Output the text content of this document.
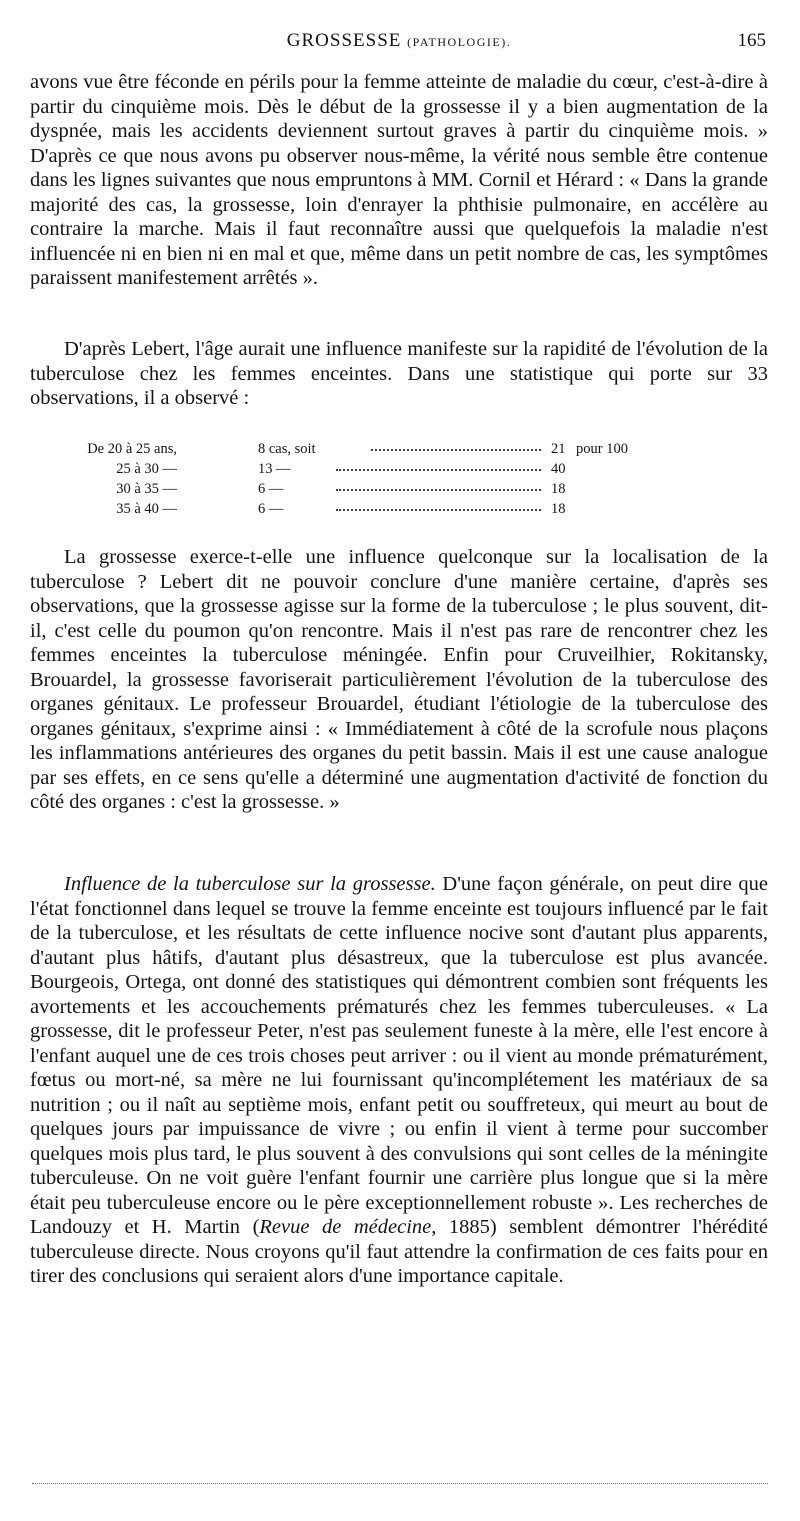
GROSSESSE (PATHOLOGIE).	165

avons vue être féconde en périls pour la femme atteinte de maladie du cœur, c'est-à-dire à partir du cinquième mois. Dès le début de la grossesse il y a bien augmentation de la dyspnée, mais les accidents deviennent surtout graves à partir du cinquième mois. » D'après ce que nous avons pu observer nous-même, la vérité nous semble être contenue dans les lignes suivantes que nous empruntons à MM. Cornil et Hérard : « Dans la grande majorité des cas, la grossesse, loin d'enrayer la phthisie pulmonaire, en accélère au contraire la marche. Mais il faut reconnaître aussi que quelquefois la maladie n'est influencée ni en bien ni en mal et que, même dans un petit nombre de cas, les symptômes paraissent manifestement arrêtés ».

D'après Lebert, l'âge aurait une influence manifeste sur la rapidité de l'évolution de la tuberculose chez les femmes enceintes. Dans une statistique qui porte sur 33 observations, il a observé :

De 20 à 25 ans,	8 cas, soit	21 pour 100
25 à 30 —	13 —	40
30 à 35 —	6 —	18
35 à 40 —	6 —	18

La grossesse exerce-t-elle une influence quelconque sur la localisation de la tuberculose ? Lebert dit ne pouvoir conclure d'une manière certaine, d'après ses observations, que la grossesse agisse sur la forme de la tuberculose ; le plus souvent, dit-il, c'est celle du poumon qu'on rencontre. Mais il n'est pas rare de rencontrer chez les femmes enceintes la tuberculose méningée. Enfin pour Cruveilhier, Rokitansky, Brouardel, la grossesse favoriserait particulièrement l'évolution de la tuberculose des organes génitaux. Le professeur Brouardel, étudiant l'étiologie de la tuberculose des organes génitaux, s'exprime ainsi : « Immédiatement à côté de la scrofule nous plaçons les inflammations antérieures des organes du petit bassin. Mais il est une cause analogue par ses effets, en ce sens qu'elle a déterminé une augmentation d'activité de fonction du côté des organes : c'est la grossesse. »

Influence de la tuberculose sur la grossesse. D'une façon générale, on peut dire que l'état fonctionnel dans lequel se trouve la femme enceinte est toujours influencé par le fait de la tuberculose, et les résultats de cette influence nocive sont d'autant plus apparents, d'autant plus hâtifs, d'autant plus désastreux, que la tuberculose est plus avancée. Bourgeois, Ortega, ont donné des statistiques qui démontrent combien sont fréquents les avortements et les accouchements prématurés chez les femmes tuberculeuses. « La grossesse, dit le professeur Peter, n'est pas seulement funeste à la mère, elle l'est encore à l'enfant auquel une de ces trois choses peut arriver : ou il vient au monde prématurément, fœtus ou mort-né, sa mère ne lui fournissant qu'incomplétement les matériaux de sa nutrition ; ou il naît au septième mois, enfant petit ou souffreteux, qui meurt au bout de quelques jours par impuissance de vivre ; ou enfin il vient à terme pour succomber quelques mois plus tard, le plus souvent à des convulsions qui sont celles de la méningite tuberculeuse. On ne voit guère l'enfant fournir une carrière plus longue que si la mère était peu tuberculeuse encore ou le père exceptionnellement robuste ». Les recherches de Landouzy et H. Martin (Revue de médecine, 1885) semblent démontrer l'hérédité tuberculeuse directe. Nous croyons qu'il faut attendre la confirmation de ces faits pour en tirer des conclusions qui seraient alors d'une importance capitale.
